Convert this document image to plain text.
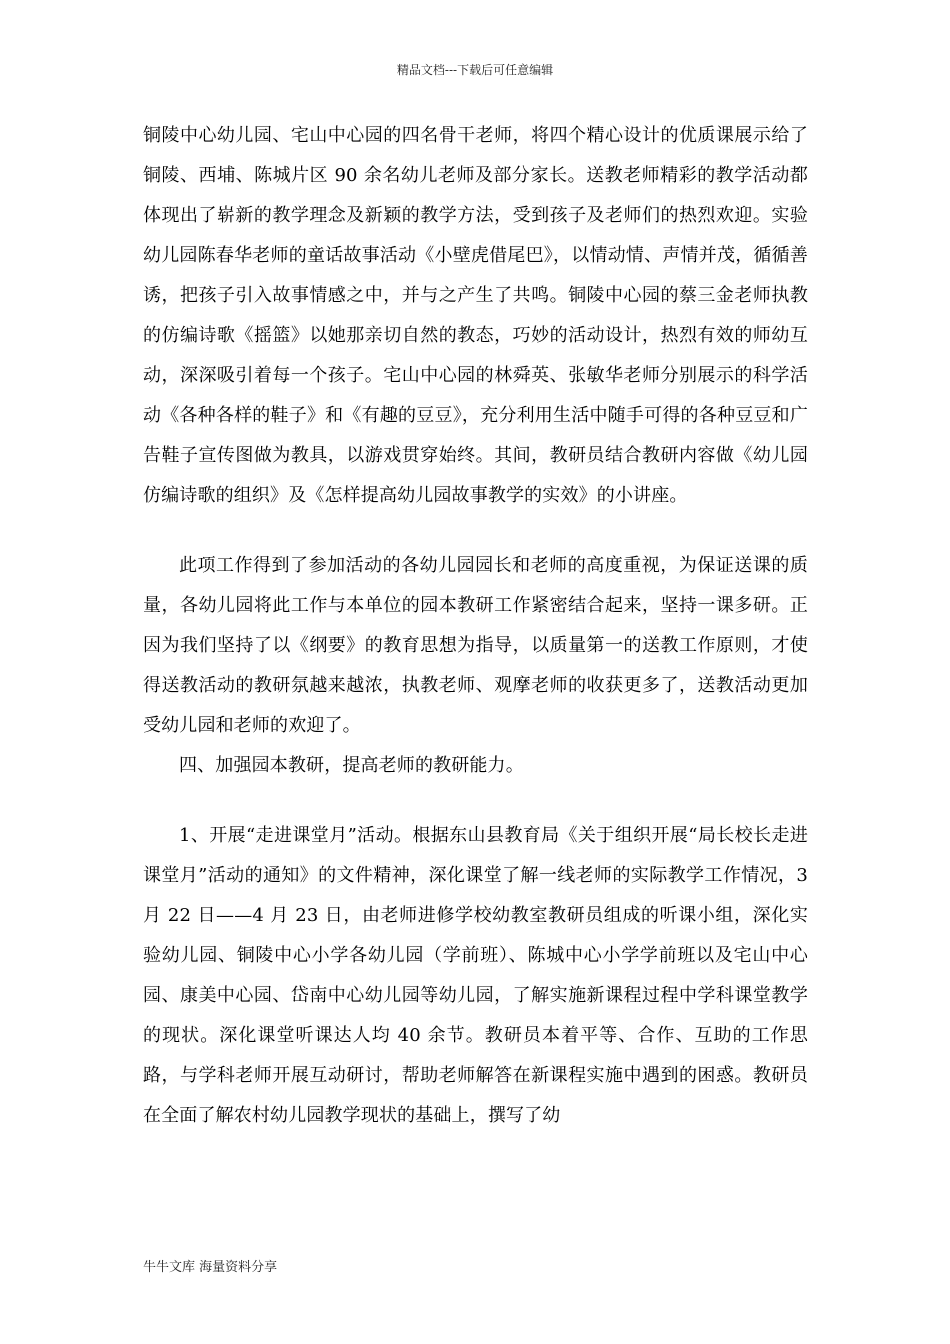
精品文档---下载后可任意编辑

铜陵中心幼儿园、宅山中心园的四名骨干老师，将四个精心设计的优质课展示给了铜陵、西埔、陈城片区 90 余名幼儿老师及部分家长。送教老师精彩的教学活动都体现出了崭新的教学理念及新颖的教学方法，受到孩子及老师们的热烈欢迎。实验幼儿园陈春华老师的童话故事活动《小壁虎借尾巴》，以情动情、声情并茂，循循善诱，把孩子引入故事情感之中，并与之产生了共鸣。铜陵中心园的蔡三金老师执教的仿编诗歌《摇篮》以她那亲切自然的教态，巧妙的活动设计，热烈有效的师幼互动，深深吸引着每一个孩子。宅山中心园的林舜英、张敏华老师分别展示的科学活动《各种各样的鞋子》和《有趣的豆豆》，充分利用生活中随手可得的各种豆豆和广告鞋子宣传图做为教具，以游戏贯穿始终。其间，教研员结合教研内容做《幼儿园仿编诗歌的组织》及《怎样提高幼儿园故事教学的实效》的小讲座。

此项工作得到了参加活动的各幼儿园园长和老师的高度重视，为保证送课的质量，各幼儿园将此工作与本单位的园本教研工作紧密结合起来，坚持一课多研。正因为我们坚持了以《纲要》的教育思想为指导，以质量第一的送教工作原则，才使得送教活动的教研氛越来越浓，执教老师、观摩老师的收获更多了，送教活动更加受幼儿园和老师的欢迎了。

四、加强园本教研，提高老师的教研能力。

1、开展“走进课堂月”活动。根据东山县教育局《关于组织开展“局长校长走进课堂月”活动的通知》的文件精神，深化课堂了解一线老师的实际教学工作情况，3 月 22 日——4 月 23 日，由老师进修学校幼教室教研员组成的听课小组，深化实验幼儿园、铜陵中心小学各幼儿园（学前班）、陈城中心小学学前班以及宅山中心园、康美中心园、岱南中心幼儿园等幼儿园，了解实施新课程过程中学科课堂教学的现状。深化课堂听课达人均 40 余节。教研员本着平等、合作、互助的工作思路，与学科老师开展互动研讨，帮助老师解答在新课程实施中遇到的困惑。教研员在全面了解农村幼儿园教学现状的基础上，撰写了幼

牛牛文库 海量资料分享
